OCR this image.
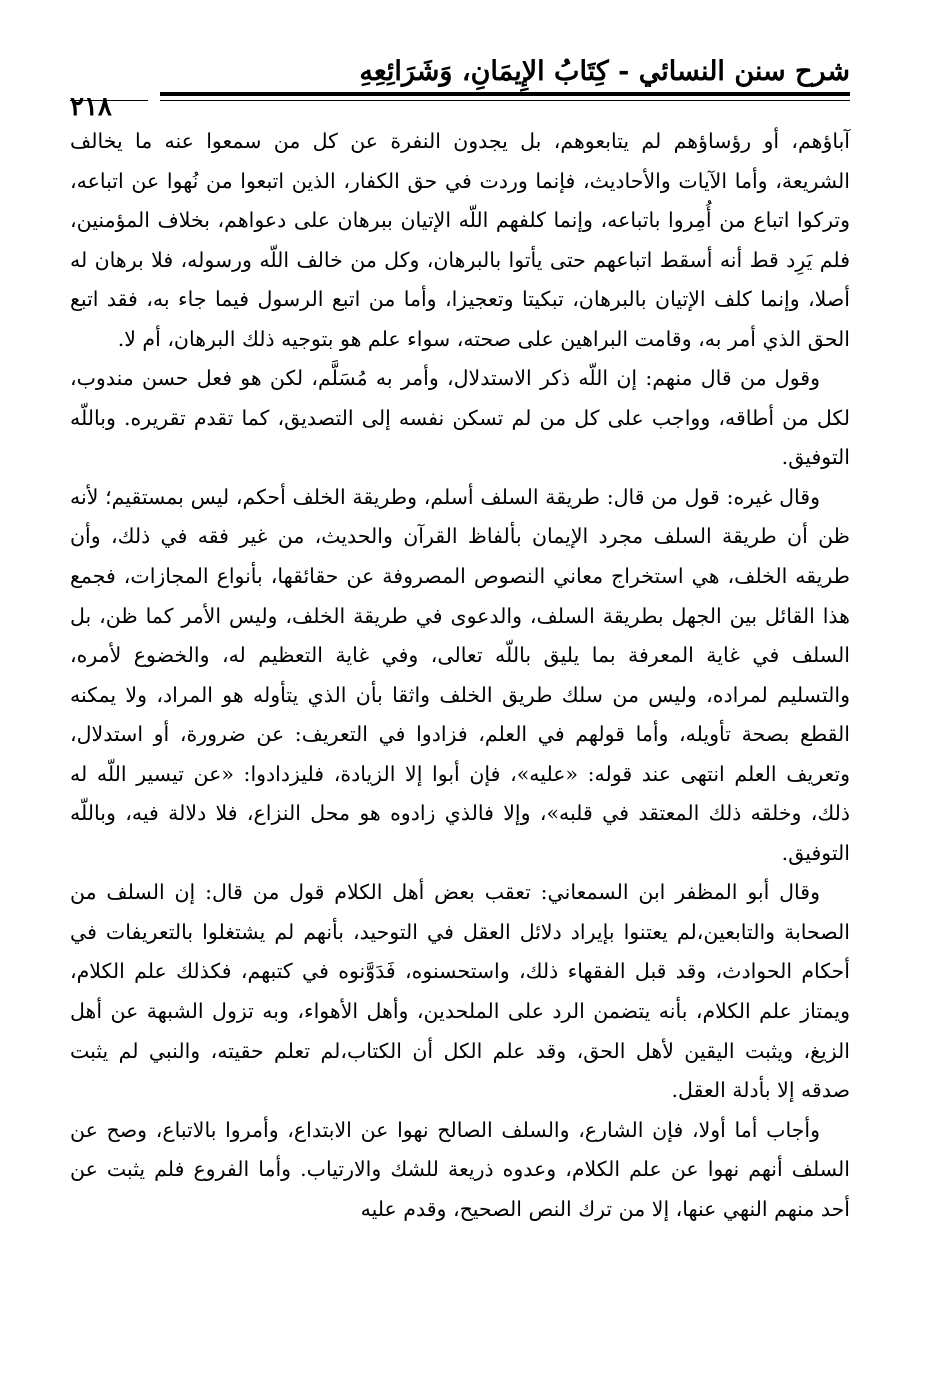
شرح سنن النسائي - كِتَابُ الإِيمَانِ، وَشَرَائِعِهِ
٢١٨

آباؤهم، أو رؤساؤهم لم يتابعوهم، بل يجدون النفرة عن كل من سمعوا عنه ما يخالف الشريعة، وأما الآيات والأحاديث، فإنما وردت في حق الكفار، الذين اتبعوا من نُهوا عن اتباعه، وتركوا اتباع من أُمِروا باتباعه، وإنما كلفهم اللّه الإتيان ببرهان على دعواهم، بخلاف المؤمنين، فلم يَرِد قط أنه أسقط اتباعهم حتى يأتوا بالبرهان، وكل من خالف اللّه ورسوله، فلا برهان له أصلا، وإنما كلف الإتيان بالبرهان، تبكيتا وتعجيزا، وأما من اتبع الرسول فيما جاء به، فقد اتبع الحق الذي أمر به، وقامت البراهين على صحته، سواء علم هو بتوجيه ذلك البرهان، أم لا.

وقول من قال منهم: إن اللّه ذكر الاستدلال، وأمر به مُسَلَّم، لكن هو فعل حسن مندوب، لكل من أطاقه، وواجب على كل من لم تسكن نفسه إلى التصديق، كما تقدم تقريره. وباللّه التوفيق.

وقال غيره: قول من قال: طريقة السلف أسلم، وطريقة الخلف أحكم، ليس بمستقيم؛ لأنه ظن أن طريقة السلف مجرد الإيمان بألفاظ القرآن والحديث، من غير فقه في ذلك، وأن طريقه الخلف، هي استخراج معاني النصوص المصروفة عن حقائقها، بأنواع المجازات، فجمع هذا القائل بين الجهل بطريقة السلف، والدعوى في طريقة الخلف، وليس الأمر كما ظن، بل السلف في غاية المعرفة بما يليق باللّه تعالى، وفي غاية التعظيم له، والخضوع لأمره، والتسليم لمراده، وليس من سلك طريق الخلف واثقا بأن الذي يتأوله هو المراد، ولا يمكنه القطع بصحة تأويله، وأما قولهم في العلم، فزادوا في التعريف: عن ضرورة، أو استدلال، وتعريف العلم انتهى عند قوله: «عليه»، فإن أبوا إلا الزيادة، فليزدادوا: «عن تيسير اللّه له ذلك، وخلقه ذلك المعتقد في قلبه»، وإلا فالذي زادوه هو محل النزاع، فلا دلالة فيه، وباللّه التوفيق.

وقال أبو المظفر ابن السمعاني: تعقب بعض أهل الكلام قول من قال: إن السلف من الصحابة والتابعين،لم يعتنوا بإيراد دلائل العقل في التوحيد، بأنهم لم يشتغلوا بالتعريفات في أحكام الحوادث، وقد قبل الفقهاء ذلك، واستحسنوه، فَدَوَّنوه في كتبهم، فكذلك علم الكلام، ويمتاز علم الكلام، بأنه يتضمن الرد على الملحدين، وأهل الأهواء، وبه تزول الشبهة عن أهل الزيغ، ويثبت اليقين لأهل الحق، وقد علم الكل أن الكتاب،لم تعلم حقيته، والنبي لم يثبت صدقه إلا بأدلة العقل.

وأجاب أما أولا، فإن الشارع، والسلف الصالح نهوا عن الابتداع، وأمروا بالاتباع، وصح عن السلف أنهم نهوا عن علم الكلام، وعدوه ذريعة للشك والارتياب. وأما الفروع فلم يثبت عن أحد منهم النهي عنها، إلا من ترك النص الصحيح، وقدم عليه
